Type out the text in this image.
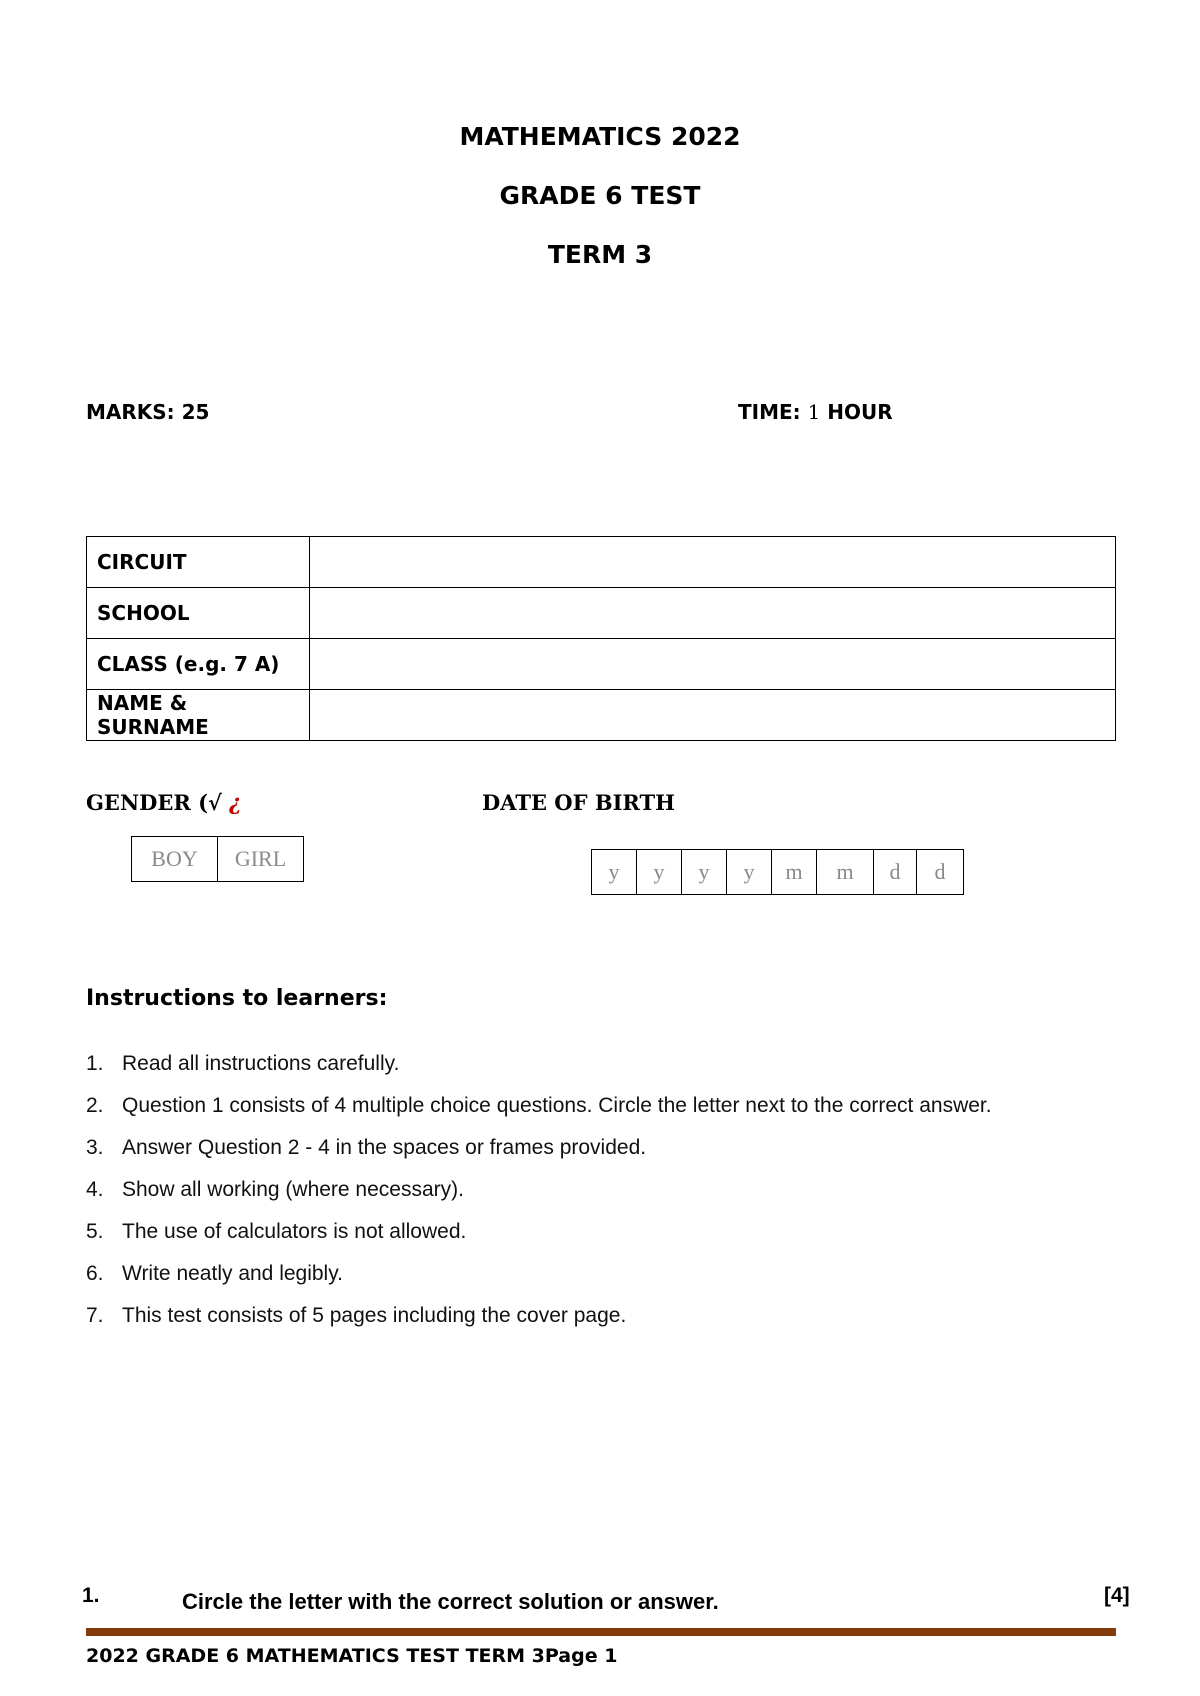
MATHEMATICS 2022
GRADE 6 TEST
TERM 3
MARKS: 25	TIME: 1 HOUR
CIRCUIT	
SCHOOL	
CLASS (e.g. 7 A)	
NAME & SURNAME	
GENDER (√ ¿
BOY	GIRL
DATE OF BIRTH
y	y	y	y	m	m	d	d
Instructions to learners:
1. Read all instructions carefully.
2. Question 1 consists of 4 multiple choice questions. Circle the letter next to the correct answer.
3. Answer Question 2 - 4 in the spaces or frames provided.
4. Show all working (where necessary).
5. The use of calculators is not allowed.
6. Write neatly and legibly.
7. This test consists of 5 pages including the cover page.
1.	Circle the letter with the correct solution or answer.	[4]
2022 GRADE 6 MATHEMATICS TEST TERM 3Page 1
